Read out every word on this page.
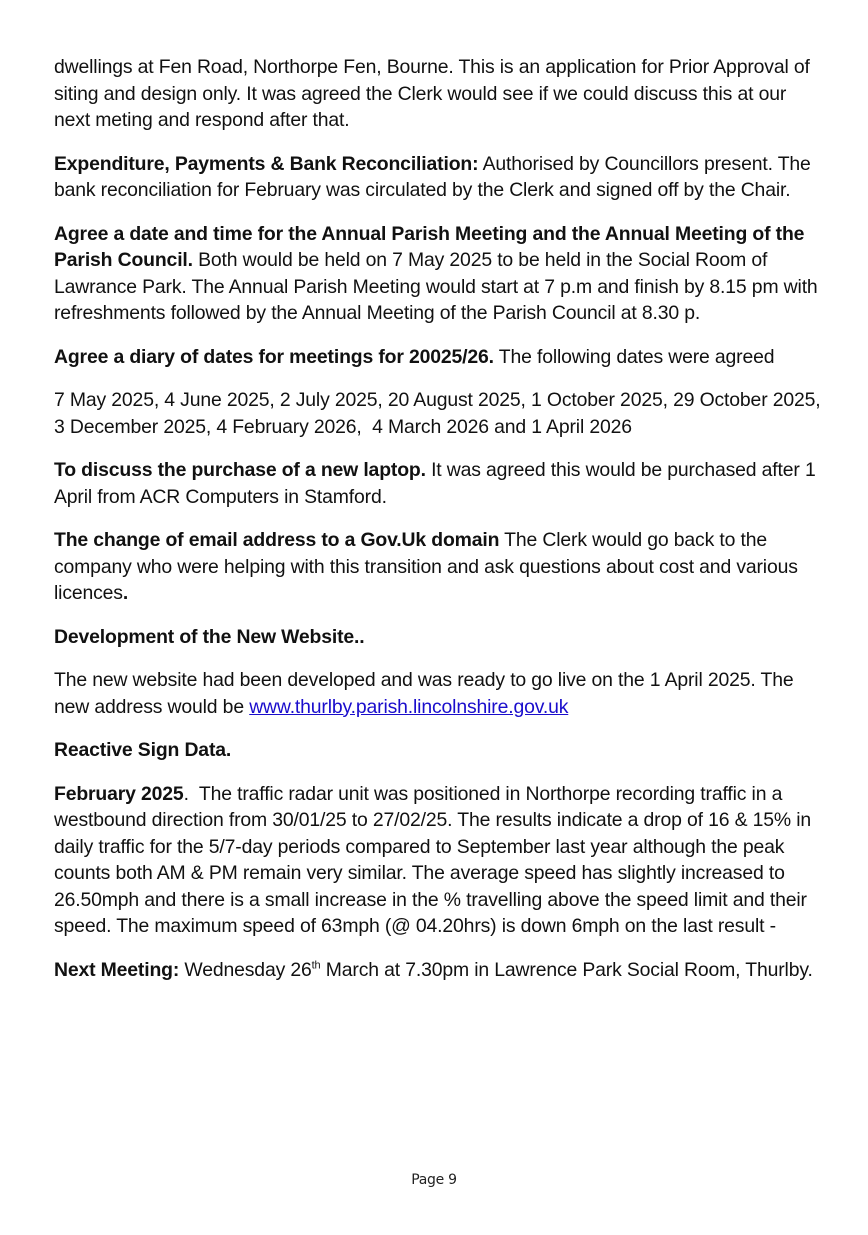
dwellings at Fen Road, Northorpe Fen, Bourne. This is an application for Prior Approval of siting and design only. It was agreed the Clerk would see if we could discuss this at our next meting and respond after that.

Expenditure, Payments & Bank Reconciliation: Authorised by Councillors present. The bank reconciliation for February was circulated by the Clerk and signed off by the Chair.

Agree a date and time for the Annual Parish Meeting and the Annual Meeting of the Parish Council. Both would be held on 7 May 2025 to be held in the Social Room of Lawrance Park. The Annual Parish Meeting would start at 7 p.m and finish by 8.15 pm with refreshments followed by the Annual Meeting of the Parish Council at 8.30 p.

Agree a diary of dates for meetings for 20025/26. The following dates were agreed

7 May 2025, 4 June 2025, 2 July 2025, 20 August 2025, 1 October 2025, 29 October 2025, 3 December 2025, 4 February 2026,  4 March 2026 and 1 April 2026

To discuss the purchase of a new laptop. It was agreed this would be purchased after 1 April from ACR Computers in Stamford.

The change of email address to a Gov.Uk domain The Clerk would go back to the company who were helping with this transition and ask questions about cost and various licences.

Development of the New Website..

The new website had been developed and was ready to go live on the 1 April 2025. The new address would be www.thurlby.parish.lincolnshire.gov.uk

Reactive Sign Data.

February 2025.  The traffic radar unit was positioned in Northorpe recording traffic in a westbound direction from 30/01/25 to 27/02/25. The results indicate a drop of 16 & 15% in daily traffic for the 5/7-day periods compared to September last year although the peak counts both AM & PM remain very similar. The average speed has slightly increased to 26.50mph and there is a small increase in the % travelling above the speed limit and their speed. The maximum speed of 63mph (@ 04.20hrs) is down 6mph on the last result -

Next Meeting: Wednesday 26th March at 7.30pm in Lawrence Park Social Room, Thurlby.

Page 9
